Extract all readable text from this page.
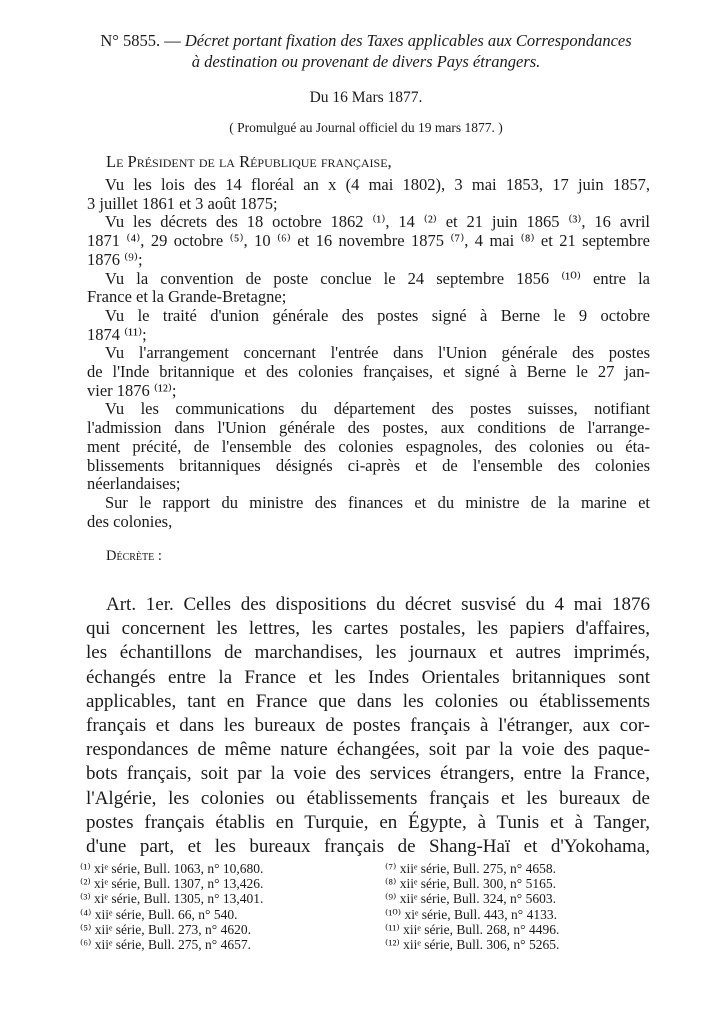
N° 5855. — Décret portant fixation des Taxes applicables aux Correspondances
à destination ou provenant de divers Pays étrangers.
Du 16 Mars 1877.
( Promulgué au Journal officiel du 19 mars 1877. )
Le Président de la République française,
Vu les lois des 14 floréal an x (4 mai 1802), 3 mai 1853, 17 juin 1857,
3 juillet 1861 et 3 août 1875;
Vu les décrets des 18 octobre 1862 ⁽¹⁾, 14 ⁽²⁾ et 21 juin 1865 ⁽³⁾, 16 avril
1871 ⁽⁴⁾, 29 octobre ⁽⁵⁾, 10 ⁽⁶⁾ et 16 novembre 1875 ⁽⁷⁾, 4 mai ⁽⁸⁾ et 21 septembre
1876 ⁽⁹⁾;
Vu la convention de poste conclue le 24 septembre 1856 ⁽¹⁰⁾ entre la
France et la Grande-Bretagne;
Vu le traité d'union générale des postes signé à Berne le 9 octobre
1874 ⁽¹¹⁾;
Vu l'arrangement concernant l'entrée dans l'Union générale des postes
de l'Inde britannique et des colonies françaises, et signé à Berne le 27 jan-
vier 1876 ⁽¹²⁾;
Vu les communications du département des postes suisses, notifiant
l'admission dans l'Union générale des postes, aux conditions de l'arrange-
ment précité, de l'ensemble des colonies espagnoles, des colonies ou éta-
blissements britanniques désignés ci-après et de l'ensemble des colonies
néerlandaises;
Sur le rapport du ministre des finances et du ministre de la marine et
des colonies,
Décrète :
Art. 1er. Celles des dispositions du décret susvisé du 4 mai 1876
qui concernent les lettres, les cartes postales, les papiers d'affaires,
les échantillons de marchandises, les journaux et autres imprimés,
échangés entre la France et les Indes Orientales britanniques sont
applicables, tant en France que dans les colonies ou établissements
français et dans les bureaux de postes français à l'étranger, aux cor-
respondances de même nature échangées, soit par la voie des paque-
bots français, soit par la voie des services étrangers, entre la France,
l'Algérie, les colonies ou établissements français et les bureaux de
postes français établis en Turquie, en Égypte, à Tunis et à Tanger,
d'une part, et les bureaux français de Shang-Haï et d'Yokohama,
⁽¹⁾ xiᵉ série, Bull. 1063, n° 10,680.
⁽²⁾ xiᵉ série, Bull. 1307, n° 13,426.
⁽³⁾ xiᵉ série, Bull. 1305, n° 13,401.
⁽⁴⁾ xiiᵉ série, Bull. 66, n° 540.
⁽⁵⁾ xiiᵉ série, Bull. 273, n° 4620.
⁽⁶⁾ xiiᵉ série, Bull. 275, n° 4657.
⁽⁷⁾ xiiᵉ série, Bull. 275, n° 4658.
⁽⁸⁾ xiiᵉ série, Bull. 300, n° 5165.
⁽⁹⁾ xiiᵉ série, Bull. 324, n° 5603.
⁽¹⁰⁾ xiᵉ série, Bull. 443, n° 4133.
⁽¹¹⁾ xiiᵉ série, Bull. 268, n° 4496.
⁽¹²⁾ xiiᵉ série, Bull. 306, n° 5265.
